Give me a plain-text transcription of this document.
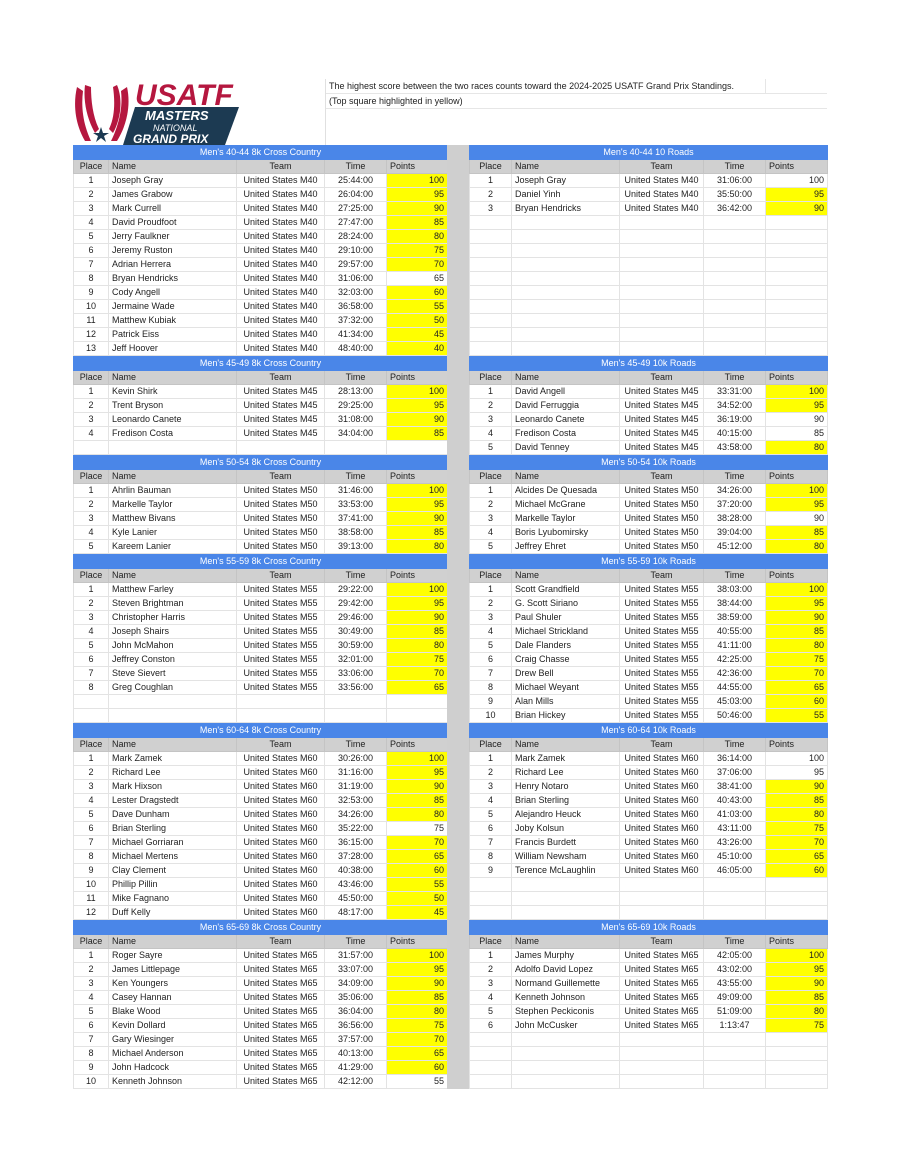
USATF
MASTERS
NATIONAL
GRAND PRIX
The highest score between the two races counts toward the 2024-2025 USATF Grand Prix Standings.
(Top square highlighted in yellow)
Men's 40-44 8k Cross Country				
Place	Name	Team	Time	Points
1	Joseph Gray	United States M40	25:44:00	100
2	James Grabow	United States M40	26:04:00	95
3	Mark Currell	United States M40	27:25:00	90
4	David Proudfoot	United States M40	27:47:00	85
5	Jerry Faulkner	United States M40	28:24:00	80
6	Jeremy Ruston	United States M40	29:10:00	75
7	Adrian Herrera	United States M40	29:57:00	70
8	Bryan Hendricks	United States M40	31:06:00	65
9	Cody Angell	United States M40	32:03:00	60
10	Jermaine Wade	United States M40	36:58:00	55
11	Matthew Kubiak	United States M40	37:32:00	50
12	Patrick Eiss	United States M40	41:34:00	45
13	Jeff Hoover	United States M40	48:40:00	40
Men's 45-49 8k Cross Country				
Place	Name	Team	Time	Points
1	Kevin Shirk	United States M45	28:13:00	100
2	Trent Bryson	United States M45	29:25:00	95
3	Leonardo Canete	United States M45	31:08:00	90
4	Fredison Costa	United States M45	34:04:00	85

Men's 50-54 8k Cross Country				
Place	Name	Team	Time	Points
1	Ahrlin Bauman	United States M50	31:46:00	100
2	Markelle Taylor	United States M50	33:53:00	95
3	Matthew Bivans	United States M50	37:41:00	90
4	Kyle Lanier	United States M50	38:58:00	85
5	Kareem Lanier	United States M50	39:13:00	80
Men's 55-59 8k Cross Country				
Place	Name	Team	Time	Points
1	Matthew Farley	United States M55	29:22:00	100
2	Steven Brightman	United States M55	29:42:00	95
3	Christopher Harris	United States M55	29:46:00	90
4	Joseph Shairs	United States M55	30:49:00	85
5	John McMahon	United States M55	30:59:00	80
6	Jeffrey Conston	United States M55	32:01:00	75
7	Steve Sievert	United States M55	33:06:00	70
8	Greg Coughlan	United States M55	33:56:00	65

Men's 60-64 8k Cross Country				
Place	Name	Team	Time	Points
1	Mark Zamek	United States M60	30:26:00	100
2	Richard Lee	United States M60	31:16:00	95
3	Mark Hixson	United States M60	31:19:00	90
4	Lester Dragstedt	United States M60	32:53:00	85
5	Dave Dunham	United States M60	34:26:00	80
6	Brian Sterling	United States M60	35:22:00	75
7	Michael Gorriaran	United States M60	36:15:00	70
8	Michael Mertens	United States M60	37:28:00	65
9	Clay Clement	United States M60	40:38:00	60
10	Phillip Pillin	United States M60	43:46:00	55
11	Mike Fagnano	United States M60	45:50:00	50
12	Duff Kelly	United States M60	48:17:00	45
Men's 65-69 8k Cross Country				
Place	Name	Team	Time	Points
1	Roger Sayre	United States M65	31:57:00	100
2	James Littlepage	United States M65	33:07:00	95
3	Ken Youngers	United States M65	34:09:00	90
4	Casey Hannan	United States M65	35:06:00	85
5	Blake Wood	United States M65	36:04:00	80
6	Kevin Dollard	United States M65	36:56:00	75
7	Gary Wiesinger	United States M65	37:57:00	70
8	Michael Anderson	United States M65	40:13:00	65
9	John Hadcock	United States M65	41:29:00	60
10	Kenneth Johnson	United States M65	42:12:00	55
Men's 40-44 10 Roads				
Place	Name	Team	Time	Points
1	Joseph Gray	United States M40	31:06:00	100
2	Daniel Yinh	United States M40	35:50:00	95
3	Bryan Hendricks	United States M40	36:42:00	90

Men's 45-49 10k Roads				
Place	Name	Team	Time	Points
1	David Angell	United States M45	33:31:00	100
2	David Ferruggia	United States M45	34:52:00	95
3	Leonardo Canete	United States M45	36:19:00	90
4	Fredison Costa	United States M45	40:15:00	85
5	David Tenney	United States M45	43:58:00	80
Men's 50-54 10k Roads				
Place	Name	Team	Time	Points
1	Alcides De Quesada	United States M50	34:26:00	100
2	Michael McGrane	United States M50	37:20:00	95
3	Markelle Taylor	United States M50	38:28:00	90
4	Boris Lyubomirsky	United States M50	39:04:00	85
5	Jeffrey Ehret	United States M50	45:12:00	80
Men's 55-59 10k Roads				
Place	Name	Team	Time	Points
1	Scott Grandfield	United States M55	38:03:00	100
2	G. Scott Siriano	United States M55	38:44:00	95
3	Paul Shuler	United States M55	38:59:00	90
4	Michael Strickland	United States M55	40:55:00	85
5	Dale Flanders	United States M55	41:11:00	80
6	Craig Chasse	United States M55	42:25:00	75
7	Drew Bell	United States M55	42:36:00	70
8	Michael Weyant	United States M55	44:55:00	65
9	Alan Mills	United States M55	45:03:00	60
10	Brian Hickey	United States M55	50:46:00	55
Men's 60-64 10k Roads				
Place	Name	Team	Time	Points
1	Mark Zamek	United States M60	36:14:00	100
2	Richard Lee	United States M60	37:06:00	95
3	Henry Notaro	United States M60	38:41:00	90
4	Brian Sterling	United States M60	40:43:00	85
5	Alejandro Heuck	United States M60	41:03:00	80
6	Joby Kolsun	United States M60	43:11:00	75
7	Francis Burdett	United States M60	43:26:00	70
8	William Newsham	United States M60	45:10:00	65
9	Terence McLaughlin	United States M60	46:05:00	60

Men's 65-69 10k Roads				
Place	Name	Team	Time	Points
1	James Murphy	United States M65	42:05:00	100
2	Adolfo David Lopez	United States M65	43:02:00	95
3	Normand Guillemette	United States M65	43:55:00	90
4	Kenneth Johnson	United States M65	49:09:00	85
5	Stephen Peckiconis	United States M65	51:09:00	80
6	John McCusker	United States M65	1:13:47	75
